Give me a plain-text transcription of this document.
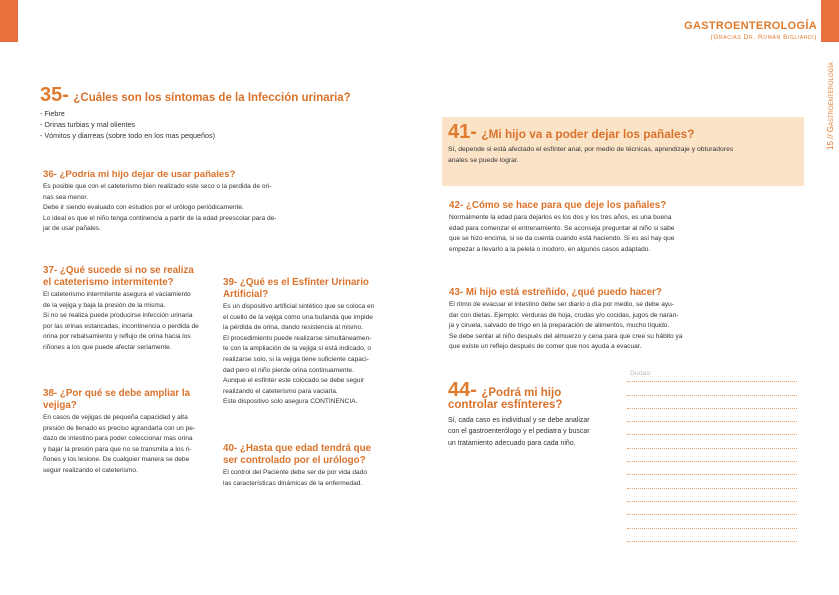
GASTROENTEROLOGÍA
(Gracias Dr. Román Bigliardi)
15 // Gastroenterología
35- ¿Cuáles son los síntomas de la Infección urinaria?
- Fiebre
- Orinas turbias y mal olientes
- Vómitos y diarreas (sobre todo en los mas pequeños)
36- ¿Podría mi hijo dejar de usar pañales?
Es posible que con el cateterismo bien realizado este seco o la perdida de ori-
nas sea menor.
Debe ir siendo evaluado con estudios por el urólogo periódicamente.
Lo ideal es que el niño tenga continencia a partir de la edad preescolar para de-
jar de usar pañales.
37- ¿Qué sucede si no se realiza
el cateterismo intermitente?
El cateterismo intermitente asegura el vaciamiento
de la vejiga y baja la presión de la misma.
Si no se realiza puede producirse infección urinaria
por las orinas estancadas, incontinencia o perdida de
orina por rebalsamiento y reflujo de orina hacia los
riñones a los que puede afectar seriamente.
38- ¿Por qué se debe ampliar la
vejiga?
En casos de vejigas de pequeña capacidad y alta
presión de llenado es preciso agrandarla con un pe-
dazo de intestino para poder coleccionar mas orina
y bajar la presión para que no se transmita a los ri-
ñones y los lesione. De cualquier manera se debe
seguir realizando el cateterismo.
39- ¿Qué es el Esfínter Urinario
Artificial?
Es un dispositivo artificial sintético que se coloca en
el cuello de la vejiga como una bufanda que impide
la pérdida de orina, dando resistencia al mismo.
El procedimiento puede realizarse simultáneamen-
te con la ampliación de la vejiga si está indicado, o
realizarse solo, si la vejiga tiene suficiente capaci-
dad pero el niño pierde orina continuamente.
Aunque el esfínter este colocado se debe seguir
realizando el cateterismo para vaciarla.
Este dispositivo solo asegura CONTINENCIA.
40- ¿Hasta que edad tendrá que
ser controlado por el urólogo?
El control del Paciente debe ser de por vida dado
las características dinámicas de la enfermedad.
41- ¿Mi hijo va a poder dejar los pañales?
Sí, depende si está afectado el esfínter anal, por medio de técnicas, aprendizaje y obturadores
anales se puede lograr.
42- ¿Cómo se hace para que deje los pañales?
Normalmente la edad para dejarlos es los dos y los tres años, es una buena
edad para comenzar el entrenamiento. Se aconseja preguntar al niño si sabe
que se hizo encima, si se da cuenta cuando está haciendo. Si es así hay que
empezar a llevarlo a la pelela o inodoro, en algunos casos adaptado.
43- Mi hijo está estreñido, ¿qué puedo hacer?
El ritmo de evacuar el intestino debe ser diario o día por medio, se debe ayu-
dar con dietas. Ejemplo: verduras de hoja, crudas y/o cocidas, jugos de naran-
ja y ciruela, salvado de trigo en la preparación de alimentos, mucho líquido.
Se debe sentar al niño después del almuerzo y cena para que cree su hábito ya
que existe un reflejo después de comer que nos ayuda a evacuar.
44- ¿Podrá mi hijo
controlar esfínteres?
Sí, cada caso es individual y se debe analizar
con el gastroenterólogo y el pediatra y buscar
un tratamiento adecuado para cada niño.
Dudas:
